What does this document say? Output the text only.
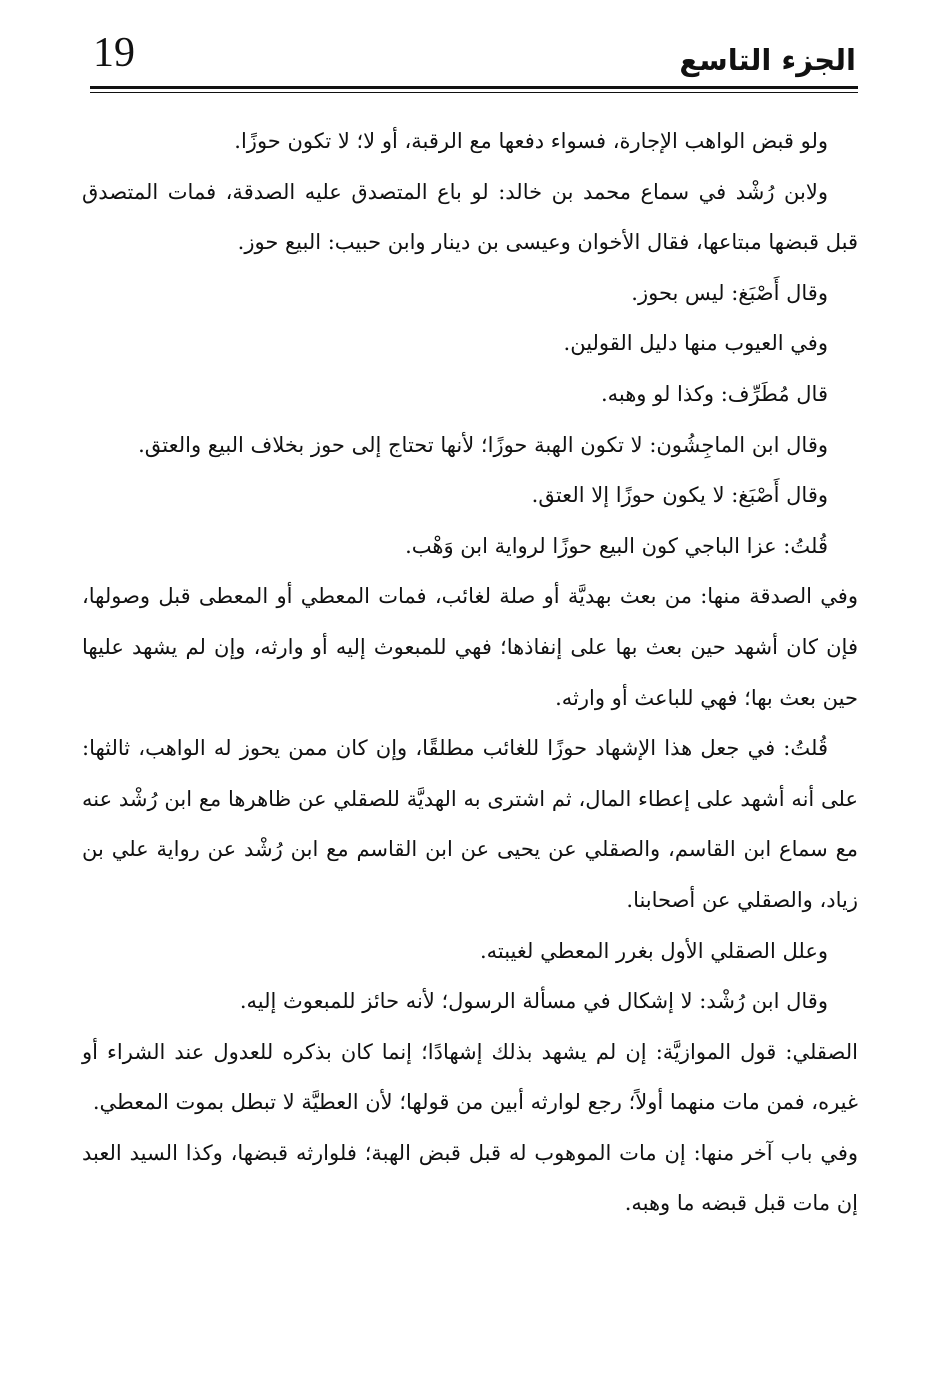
19	الجزء التاسع

ولو قبض الواهب الإجارة، فسواء دفعها مع الرقبة، أو لا؛ لا تكون حوزًا.

ولابن رُشْد في سماع محمد بن خالد: لو باع المتصدق عليه الصدقة، فمات المتصدق قبل قبضها مبتاعها، فقال الأخوان وعيسى بن دينار وابن حبيب: البيع حوز.

وقال أَصْبَغ: ليس بحوز.

وفي العيوب منها دليل القولين.

قال مُطَرِّف: وكذا لو وهبه.

وقال ابن الماجِشُون: لا تكون الهبة حوزًا؛ لأنها تحتاج إلى حوز بخلاف البيع والعتق.

وقال أَصْبَغ: لا يكون حوزًا إلا العتق.

قُلتُ: عزا الباجي كون البيع حوزًا لرواية ابن وَهْب.

وفي الصدقة منها: من بعث بهديَّة أو صلة لغائب، فمات المعطي أو المعطى قبل وصولها، فإن كان أشهد حين بعث بها على إنفاذها؛ فهي للمبعوث إليه أو وارثه، وإن لم يشهد عليها حين بعث بها؛ فهي للباعث أو وارثه.

قُلتُ: في جعل هذا الإشهاد حوزًا للغائب مطلقًا، وإن كان ممن يحوز له الواهب، ثالثها: على أنه أشهد على إعطاء المال، ثم اشترى به الهديَّة للصقلي عن ظاهرها مع ابن رُشْد عنه مع سماع ابن القاسم، والصقلي عن يحيى عن ابن القاسم مع ابن رُشْد عن رواية علي بن زياد، والصقلي عن أصحابنا.

وعلل الصقلي الأول بغرر المعطي لغيبته.

وقال ابن رُشْد: لا إشكال في مسألة الرسول؛ لأنه حائز للمبعوث إليه.

الصقلي: قول الموازيَّة: إن لم يشهد بذلك إشهادًا؛ إنما كان بذكره للعدول عند الشراء أو غيره، فمن مات منهما أولاً؛ رجع لوارثه أبين من قولها؛ لأن العطيَّة لا تبطل بموت المعطي.

وفي باب آخر منها: إن مات الموهوب له قبل قبض الهبة؛ فلوارثه قبضها، وكذا السيد العبد إن مات قبل قبضه ما وهبه.
